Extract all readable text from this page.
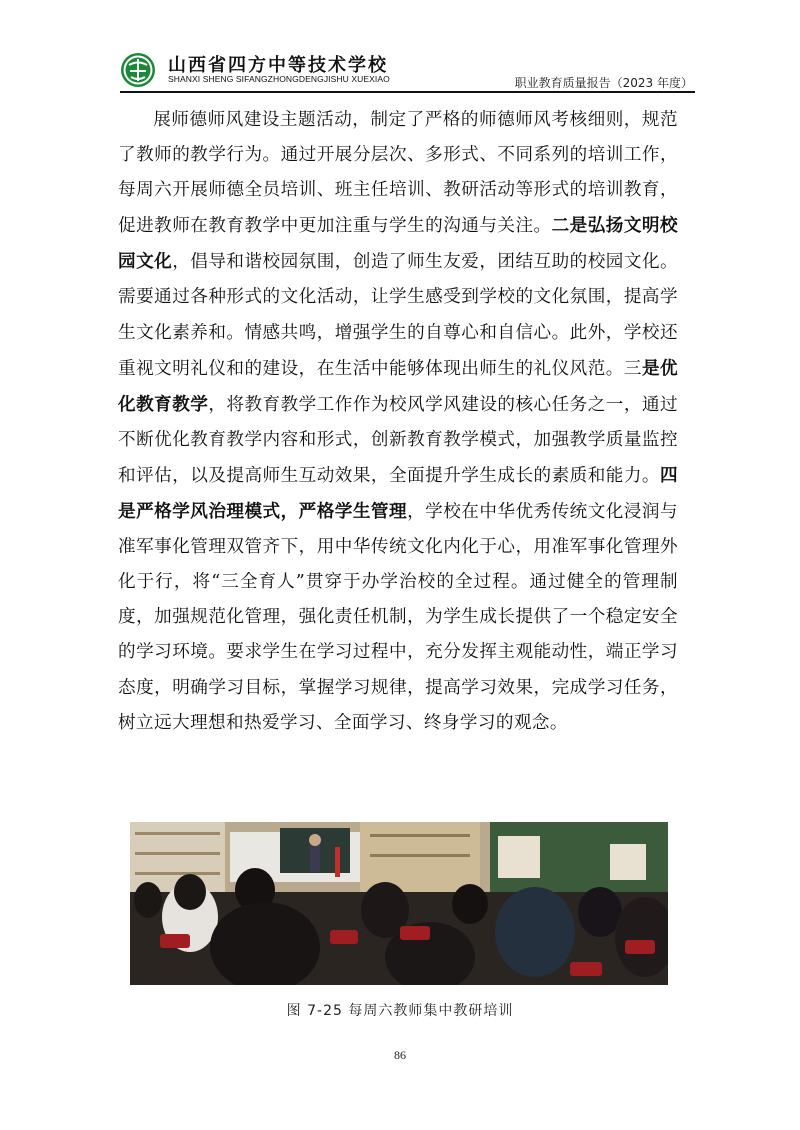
山西省四方中等技术学校
SHANXI SHENG SIFANGZHONGDENGJISHU XUEXIAO	职业教育质量报告（2023 年度）

展师德师风建设主题活动，制定了严格的师德师风考核细则，规范了教师的教学行为。通过开展分层次、多形式、不同系列的培训工作，每周六开展师德全员培训、班主任培训、教研活动等形式的培训教育，促进教师在教育教学中更加注重与学生的沟通与关注。二是弘扬文明校园文化，倡导和谐校园氛围，创造了师生友爱，团结互助的校园文化。需要通过各种形式的文化活动，让学生感受到学校的文化氛围，提高学生文化素养和。情感共鸣，增强学生的自尊心和自信心。此外，学校还重视文明礼仪和的建设，在生活中能够体现出师生的礼仪风范。三是优化教育教学，将教育教学工作作为校风学风建设的核心任务之一，通过不断优化教育教学内容和形式，创新教育教学模式，加强教学质量监控和评估，以及提高师生互动效果，全面提升学生成长的素质和能力。四是严格学风治理模式，严格学生管理，学校在中华优秀传统文化浸润与准军事化管理双管齐下，用中华传统文化内化于心，用准军事化管理外化于行，将“三全育人”贯穿于办学治校的全过程。通过健全的管理制度，加强规范化管理，强化责任机制，为学生成长提供了一个稳定安全的学习环境。要求学生在学习过程中，充分发挥主观能动性，端正学习态度，明确学习目标，掌握学习规律，提高学习效果，完成学习任务，树立远大理想和热爱学习、全面学习、终身学习的观念。

图 7-25 每周六教师集中教研培训
86
